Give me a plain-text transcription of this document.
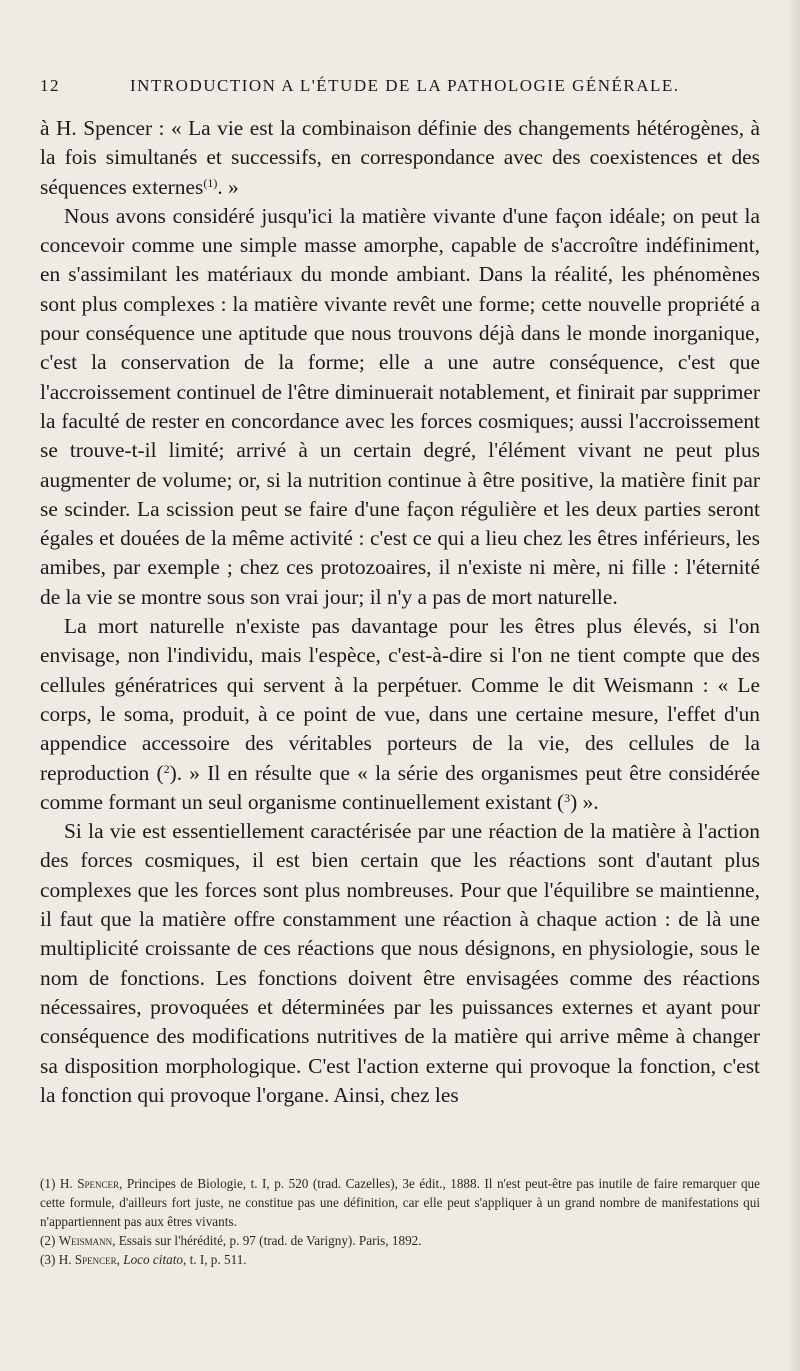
12	INTRODUCTION A L'ÉTUDE DE LA PATHOLOGIE GÉNÉRALE.

à H. Spencer : « La vie est la combinaison définie des changements hétérogènes, à la fois simultanés et successifs, en correspondance avec des coexistences et des séquences externes$^{(1)}$. »

Nous avons considéré jusqu'ici la matière vivante d'une façon idéale; on peut la concevoir comme une simple masse amorphe, capable de s'accroître indéfiniment, en s'assimilant les matériaux du monde ambiant. Dans la réalité, les phénomènes sont plus complexes : la matière vivante revêt une forme; cette nouvelle propriété a pour conséquence une aptitude que nous trouvons déjà dans le monde inorganique, c'est la conservation de la forme; elle a une autre conséquence, c'est que l'accroissement continuel de l'être diminuerait notablement, et finirait par supprimer la faculté de rester en concordance avec les forces cosmiques; aussi l'accroissement se trouve-t-il limité; arrivé à un certain degré, l'élément vivant ne peut plus augmenter de volume; or, si la nutrition continue à être positive, la matière finit par se scinder. La scission peut se faire d'une façon régulière et les deux parties seront égales et douées de la même activité : c'est ce qui a lieu chez les êtres inférieurs, les amibes, par exemple ; chez ces protozoaires, il n'existe ni mère, ni fille : l'éternité de la vie se montre sous son vrai jour; il n'y a pas de mort naturelle.

La mort naturelle n'existe pas davantage pour les êtres plus élevés, si l'on envisage, non l'individu, mais l'espèce, c'est-à-dire si l'on ne tient compte que des cellules génératrices qui servent à la perpétuer. Comme le dit Weismann : « Le corps, le soma, produit, à ce point de vue, dans une certaine mesure, l'effet d'un appendice accessoire des véritables porteurs de la vie, des cellules de la reproduction ($^2$). » Il en résulte que « la série des organismes peut être considérée comme formant un seul organisme continuellement existant ($^3$) ».

Si la vie est essentiellement caractérisée par une réaction de la matière à l'action des forces cosmiques, il est bien certain que les réactions sont d'autant plus complexes que les forces sont plus nombreuses. Pour que l'équilibre se maintienne, il faut que la matière offre constamment une réaction à chaque action : de là une multiplicité croissante de ces réactions que nous désignons, en physiologie, sous le nom de fonctions. Les fonctions doivent être envisagées comme des réactions nécessaires, provoquées et déterminées par les puissances externes et ayant pour conséquence des modifications nutritives de la matière qui arrive même à changer sa disposition morphologique. C'est l'action externe qui provoque la fonction, c'est la fonction qui provoque l'organe. Ainsi, chez les

(1) H. Spencer, Principes de Biologie, t. I, p. 520 (trad. Cazelles), 3e édit., 1888. Il n'est peut-être pas inutile de faire remarquer que cette formule, d'ailleurs fort juste, ne constitue pas une définition, car elle peut s'appliquer à un grand nombre de manifestations qui n'appartiennent pas aux êtres vivants.

(2) Weismann, Essais sur l'hérédité, p. 97 (trad. de Varigny). Paris, 1892.

(3) H. Spencer, Loco citato, t. I, p. 511.
